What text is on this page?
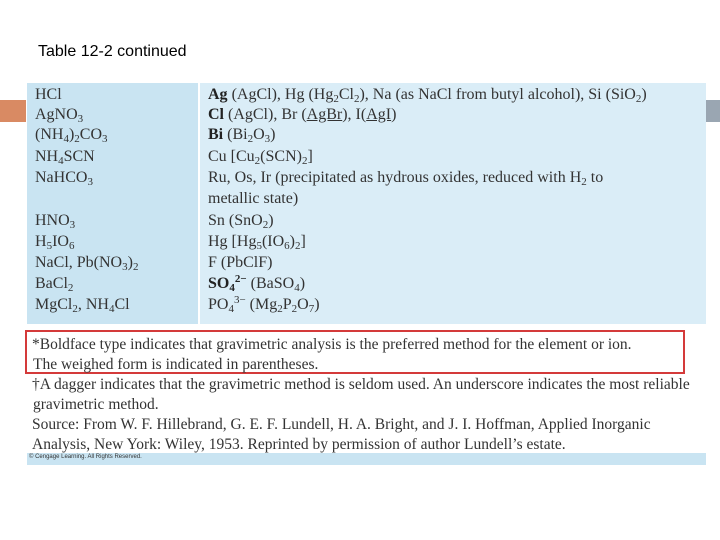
Table 12-2 continued
HCl
AgNO$_3$
$(NH_4)_2CO_3$
$NH_4SCN$
NaHCO$_3$
$HNO_3$
$H_5IO_6$
NaCl, $Pb(NO_3)_2$
BaCl$_2$
MgCl$_2$, $NH_4Cl$
Ag (AgCl), Hg $(Hg_2Cl_2)$, Na (as NaCl from butyl alcohol), Si (SiO$_2$)
Cl (AgCl), Br (AgBr), I(AgI)
Bi $(Bi_2O_3)$
Cu $[Cu_2(SCN)_2]$
Ru, Os, Ir (precipitated as hydrous oxides, reduced with $H_2$ to
metallic state)
Sn (SnO$_2$)
Hg $[Hg_5(IO_6)_2]$
F (PbClF)
$SO_4^{2-}$ (BaSO$_4$)
$PO_4^{3-}$ $(Mg_2P_2O_7)$
*Boldface type indicates that gravimetric analysis is the preferred method for the element or ion.
The weighed form is indicated in parentheses.
†A dagger indicates that the gravimetric method is seldom used. An underscore indicates the most reliable
gravimetric method.
Source: From W. F. Hillebrand, G. E. F. Lundell, H. A. Bright, and J. I. Hoffman, Applied Inorganic
Analysis, New York: Wiley, 1953. Reprinted by permission of author Lundell’s estate.
© Cengage Learning. All Rights Reserved.
